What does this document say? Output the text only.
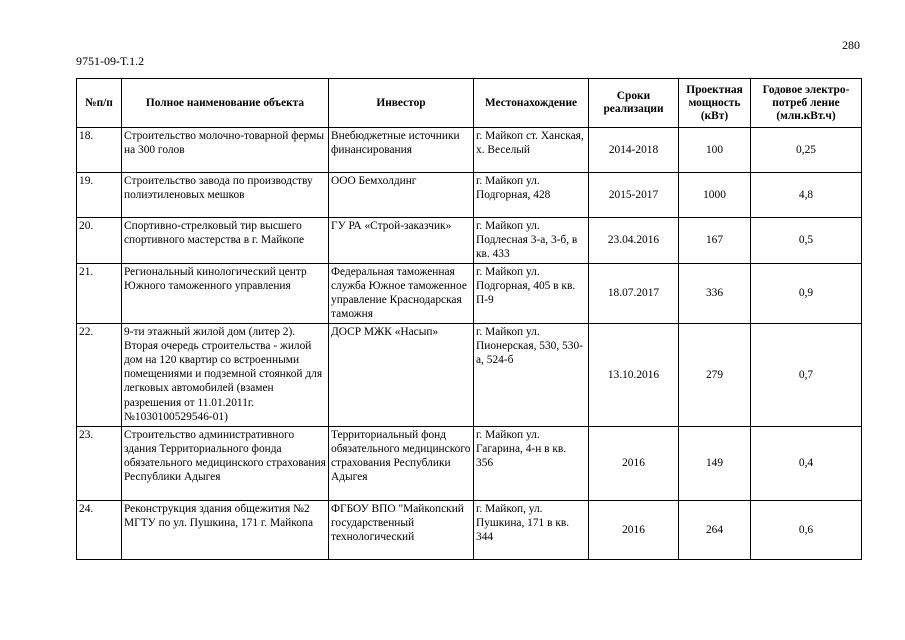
280
9751-09-Т.1.2
№п/п	Полное наименование объекта	Инвестор	Местонахождение	Сроки реализации	Проектная мощность (кВт)	Годовое электро-потреб ление (млн.кВт.ч)
18.	Строительство молочно-товарной фермы на 300 голов	Внебюджетные источники финансирования	г. Майкоп ст. Ханская, х. Веселый	2014-2018	100	0,25
19.	Строительство завода по производству полиэтиленовых мешков	ООО Бемхолдинг	г. Майкоп ул. Подгорная, 428	2015-2017	1000	4,8
20.	Спортивно-стрелковый тир высшего спортивного мастерства в г. Майкопе	ГУ РА «Строй-заказчик»	г. Майкоп ул. Подлесная 3-а, 3-б, в кв. 433	23.04.2016	167	0,5
21.	Региональный кинологический центр Южного таможенного управления	Федеральная таможенная служба Южное таможенное управление Краснодарская таможня	г. Майкоп ул. Подгорная, 405 в кв. П-9	18.07.2017	336	0,9
22.	9-ти этажный жилой дом (литер 2). Вторая очередь строительства - жилой дом на 120 квартир со встроенными помещениями и подземной стоянкой для легковых автомобилей (взамен разрешения от 11.01.2011г. №1030100529546-01)	ДОСР МЖК «Насып»	г. Майкоп ул. Пионерская, 530, 530-а, 524-б	13.10.2016	279	0,7
23.	Строительство административного здания Территориального фонда обязательного медицинского страхования Республики Адыгея	Территориальный фонд обязательного медицинского страхования Республики Адыгея	г. Майкоп ул. Гагарина, 4-н в кв. 356	2016	149	0,4
24.	Реконструкция здания общежития №2 МГТУ по ул. Пушкина, 171 г. Майкопа	ФГБОУ ВПО "Майкопский государственный технологический	г. Майкоп, ул. Пушкина, 171 в кв. 344	2016	264	0,6
